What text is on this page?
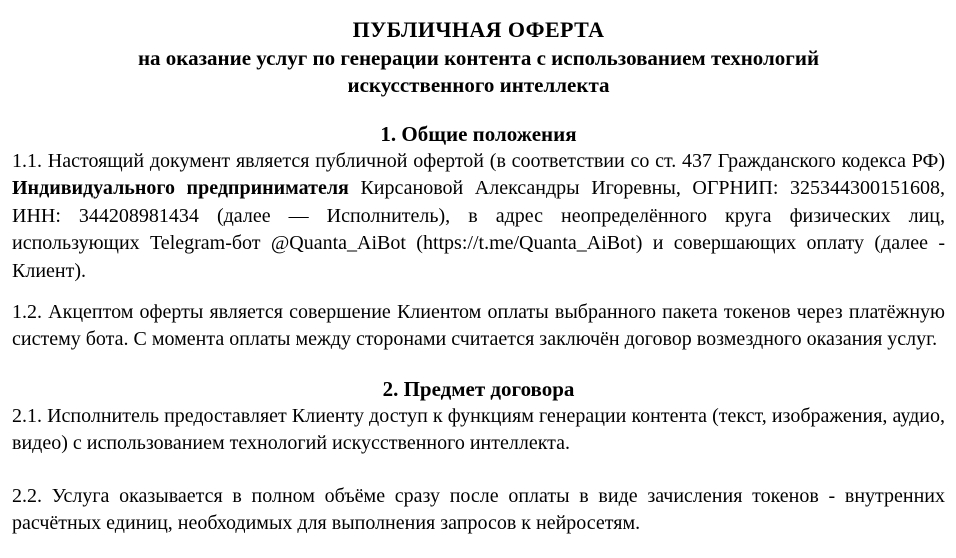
ПУБЛИЧНАЯ ОФЕРТА
на оказание услуг по генерации контента с использованием технологий искусственного интеллекта
1. Общие положения

1.1. Настоящий документ является публичной офертой (в соответствии со ст. 437 Гражданского кодекса РФ) Индивидуального предпринимателя Кирсановой Александры Игоревны, ОГРНИП: 325344300151608, ИНН: 344208981434 (далее — Исполнитель), в адрес неопределённого круга физических лиц, использующих Telegram-бот @Quanta_AiBot (https://t.me/Quanta_AiBot) и совершающих оплату (далее - Клиент).

1.2. Акцептом оферты является совершение Клиентом оплаты выбранного пакета токенов через платёжную систему бота. С момента оплаты между сторонами считается заключён договор возмездного оказания услуг.

2. Предмет договора

2.1. Исполнитель предоставляет Клиенту доступ к функциям генерации контента (текст, изображения, аудио, видео) с использованием технологий искусственного интеллекта.

2.2. Услуга оказывается в полном объёме сразу после оплаты в виде зачисления токенов - внутренних расчётных единиц, необходимых для выполнения запросов к нейросетям.
